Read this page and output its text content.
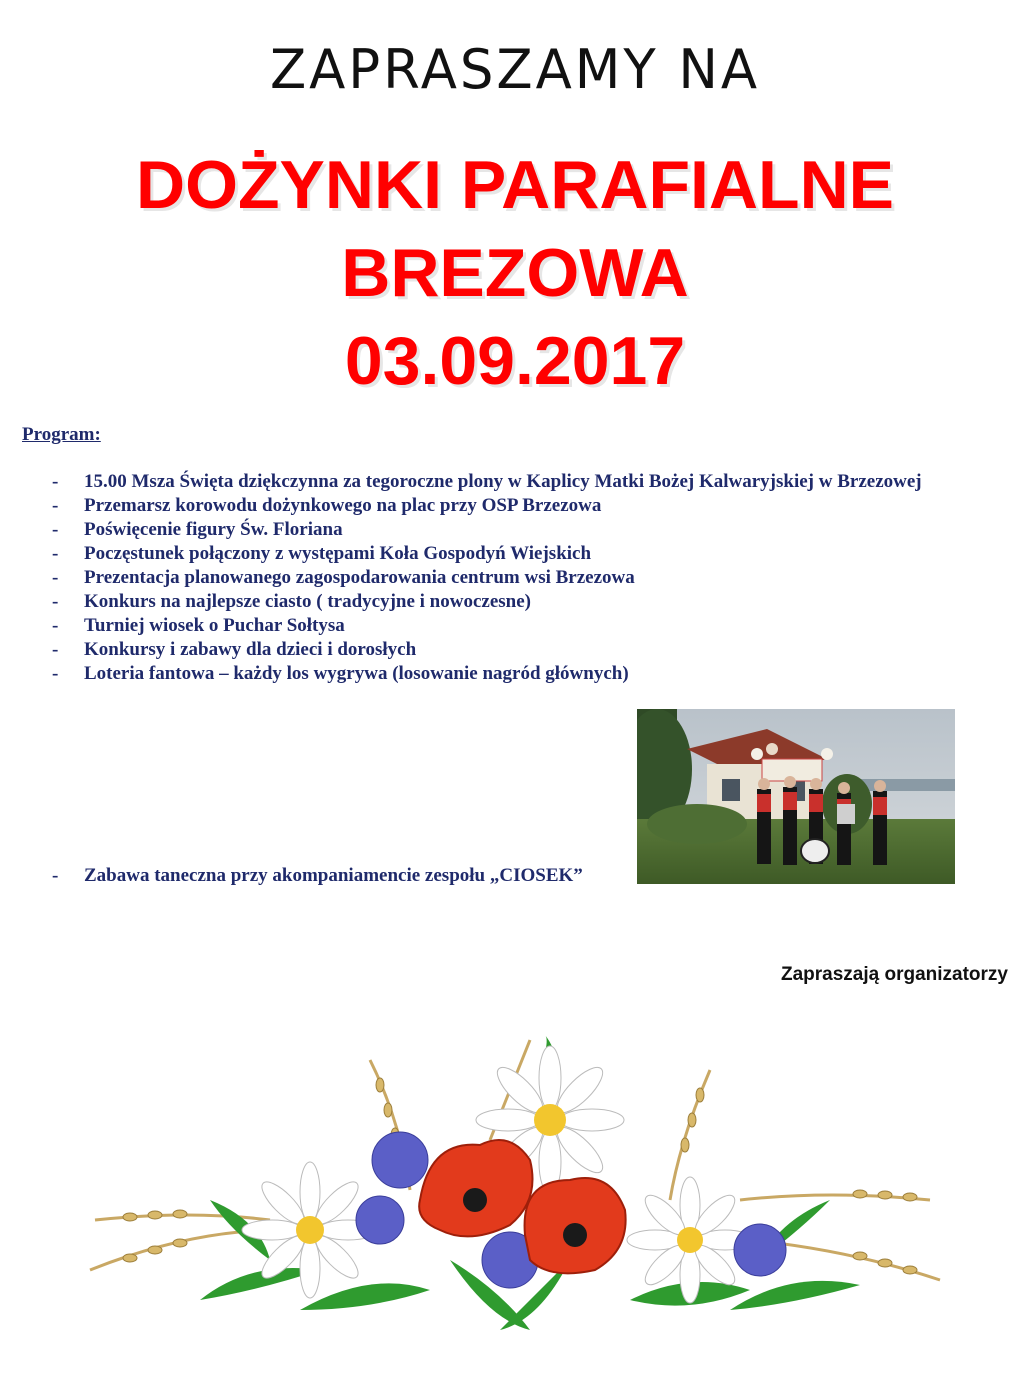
ZAPRASZAMY NA
DOŻYNKI PARAFIALNE
BREZOWA
03.09.2017
Program:
-	15.00 Msza Święta dziękczynna za tegoroczne plony w Kaplicy Matki Bożej Kalwaryjskiej w Brzezowej
-	Przemarsz korowodu dożynkowego na plac przy OSP Brzezowa
-	Poświęcenie figury Św. Floriana
-	Poczęstunek połączony z występami Koła Gospodyń Wiejskich
-	Prezentacja planowanego zagospodarowania centrum wsi Brzezowa
-	Konkurs na najlepsze ciasto ( tradycyjne i nowoczesne)
-	Turniej wiosek o Puchar Sołtysa
-	Konkursy i zabawy dla dzieci i dorosłych
-	Loteria fantowa – każdy los wygrywa (losowanie nagród głównych)
- Zabawa taneczna przy akompaniamencie zespołu „CIOSEK”
Zapraszają organizatorzy
